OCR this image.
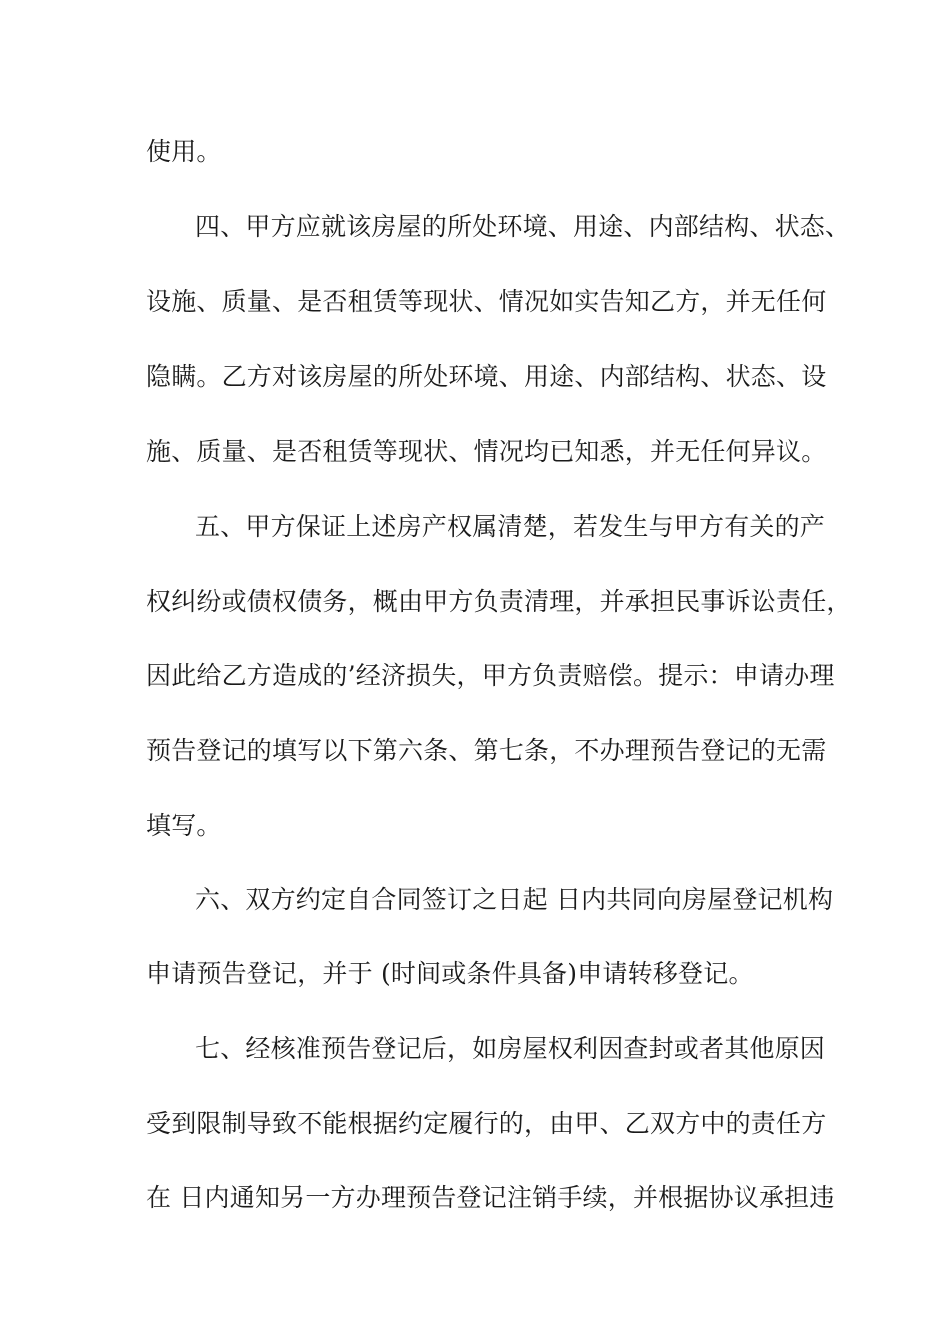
使用。
四、甲方应就该房屋的所处环境、用途、内部结构、状态、
设施、质量、是否租赁等现状、情况如实告知乙方，并无任何
隐瞒。乙方对该房屋的所处环境、用途、内部结构、状态、设
施、质量、是否租赁等现状、情况均已知悉，并无任何异议。
五、甲方保证上述房产权属清楚，若发生与甲方有关的产
权纠纷或债权债务，概由甲方负责清理，并承担民事诉讼责任，
因此给乙方造成的’经济损失，甲方负责赔偿。提示：申请办理
预告登记的填写以下第六条、第七条，不办理预告登记的无需
填写。
六、双方约定自合同签订之日起 日内共同向房屋登记机构
申请预告登记，并于 (时间或条件具备)申请转移登记。
七、经核准预告登记后，如房屋权利因查封或者其他原因
受到限制导致不能根据约定履行的，由甲、乙双方中的责任方
在 日内通知另一方办理预告登记注销手续，并根据协议承担违
